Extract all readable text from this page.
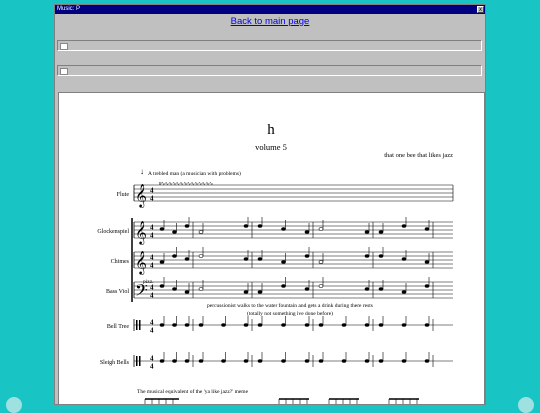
Music: P	x
Back to main page
h
volume 5
that one bee that likes jazz
↓ A trebled man (a musician with problems)
tr∿∿∿∿∿∿∿∿∿∿∿∿∿∿
pizz.
percussionist walks to the water fountain and gets a drink during there rests
(totally not something ive done before)
The musical equivalent of the 'ya like jazz?' meme
Flute 𝄞 4
4
Glockenspiel 𝄞 4
4
Chimes 𝄞 4
4
Bass Viol 𝄢 4
4
Bell Tree
4
4
Sleigh Bells
4
4
